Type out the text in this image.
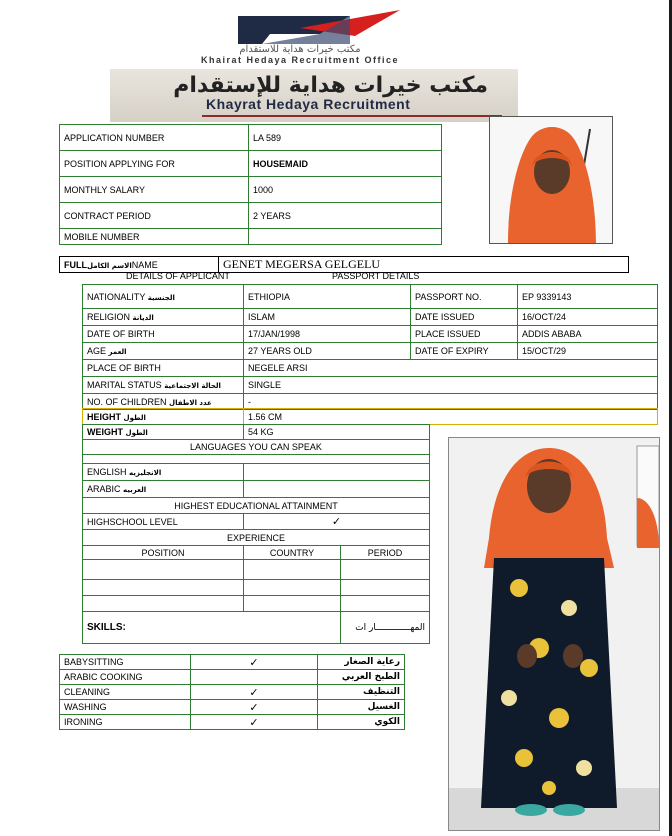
مكتب خيرات هداية للاستقدام
Khairat Hedaya Recruitment Office
مكتب خيرات هداية للإستقدام
Khayrat Hedaya Recruitment
APPLICATION NUMBER	LA 589
POSITION APPLYING FOR	HOUSEMAID
MONTHLY SALARY	1000
CONTRACT PERIOD	2 YEARS
MOBILE NUMBER	
FULLالاسم الكاملNAME	GENET MEGERSA GELGELU
DETAILS OF APPLICANT	PASSPORT DETAILS
NATIONALITY الجنسية	ETHIOPIA	PASSPORT NO.	EP 9339143
RELIGION الديانة	ISLAM	DATE ISSUED	16/OCT/24
DATE OF BIRTH	17/JAN/1998	PLACE ISSUED	ADDIS ABABA
AGE العمر	27 YEARS OLD	DATE OF EXPIRY	15/OCT/29
PLACE OF BIRTH	NEGELE ARSI		
MARITAL STATUS الحالة الاجتماعية	SINGLE		
NO. OF CHILDREN عدد الاطفال	-		
HEIGHT الطول	1.56 CM
WEIGHT الطول	54 KG	
LANGUAGES YOU CAN SPEAK		

ENGLISH الانجليزيه		
ARABIC العربيه		
HIGHEST EDUCATIONAL ATTAINMENT		
HIGHSCHOOL LEVEL	✓	
EXPERIENCE		
POSITION	COUNTRY	PERIOD

SKILLS:		المهـــــــــــــار ات
BABYSITTING	✓	رعاية الصغار
ARABIC COOKING		الطبخ العربي
CLEANING	✓	التنظيف
WASHING	✓	الغسيل
IRONING	✓	الكوي
